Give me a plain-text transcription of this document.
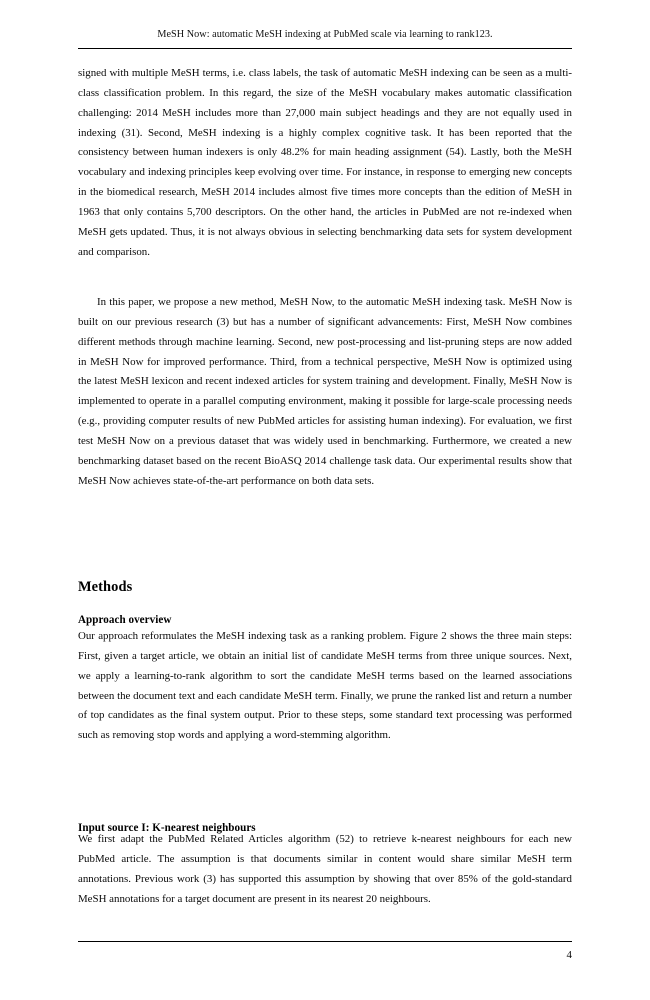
MeSH Now: automatic MeSH indexing at PubMed scale via learning to rank123.

signed with multiple MeSH terms, i.e. class labels, the task of automatic MeSH indexing can be seen as a multi-class classification problem. In this regard, the size of the MeSH vocabulary makes automatic classification challenging: 2014 MeSH includes more than 27,000 main subject headings and they are not equally used in indexing (31). Second, MeSH indexing is a highly complex cognitive task. It has been reported that the consistency between human indexers is only 48.2% for main heading assignment (54). Lastly, both the MeSH vocabulary and indexing principles keep evolving over time. For instance, in response to emerging new concepts in the biomedical research, MeSH 2014 includes almost five times more concepts than the edition of MeSH in 1963 that only contains 5,700 descriptors. On the other hand, the articles in PubMed are not re-indexed when MeSH gets updated. Thus, it is not always obvious in selecting benchmarking data sets for system development and comparison.

In this paper, we propose a new method, MeSH Now, to the automatic MeSH indexing task. MeSH Now is built on our previous research (3) but has a number of significant advancements: First, MeSH Now combines different methods through machine learning. Second, new post-processing and list-pruning steps are now added in MeSH Now for improved performance. Third, from a technical perspective, MeSH Now is optimized using the latest MeSH lexicon and recent indexed articles for system training and development. Finally, MeSH Now is implemented to operate in a parallel computing environment, making it possible for large-scale processing needs (e.g., providing computer results of new PubMed articles for assisting human indexing). For evaluation, we first test MeSH Now on a previous dataset that was widely used in benchmarking. Furthermore, we created a new benchmarking dataset based on the recent BioASQ 2014 challenge task data. Our experimental results show that MeSH Now achieves state-of-the-art performance on both data sets.

Methods
Approach overview

Our approach reformulates the MeSH indexing task as a ranking problem. Figure 2 shows the three main steps: First, given a target article, we obtain an initial list of candidate MeSH terms from three unique sources. Next, we apply a learning-to-rank algorithm to sort the candidate MeSH terms based on the learned associations between the document text and each candidate MeSH term. Finally, we prune the ranked list and return a number of top candidates as the final system output. Prior to these steps, some standard text processing was performed such as removing stop words and applying a word-stemming algorithm.

Input source I: K-nearest neighbours

We first adapt the PubMed Related Articles algorithm (52) to retrieve k-nearest neighbours for each new PubMed article. The assumption is that documents similar in content would share similar MeSH term annotations. Previous work (3) has supported this assumption by showing that over 85% of the gold-standard MeSH annotations for a target document are present in its nearest 20 neighbours.

4
